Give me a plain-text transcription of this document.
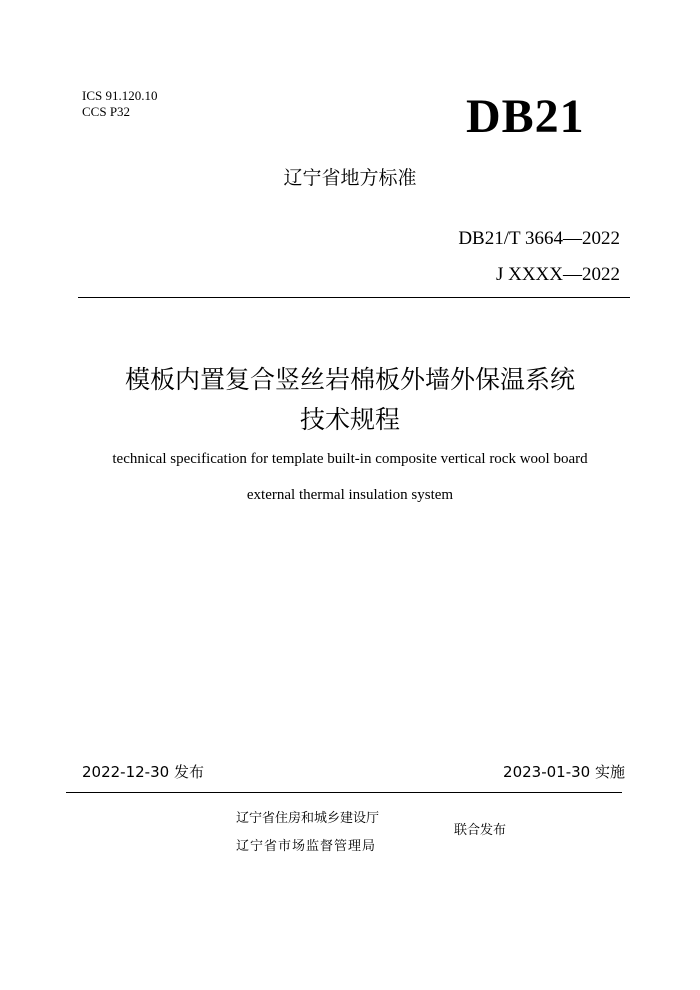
ICS 91.120.10
CCS P32	DB21
辽宁省地方标准
DB21/T 3664—2022
J XXXX—2022
模板内置复合竖丝岩棉板外墙外保温系统
技术规程
technical specification for template built-in composite vertical rock wool board
external thermal insulation system
2022-12-30 发布	2023-01-30 实施
辽宁省住房和城乡建设厅
辽宁省市场监督管理局
联合发布
